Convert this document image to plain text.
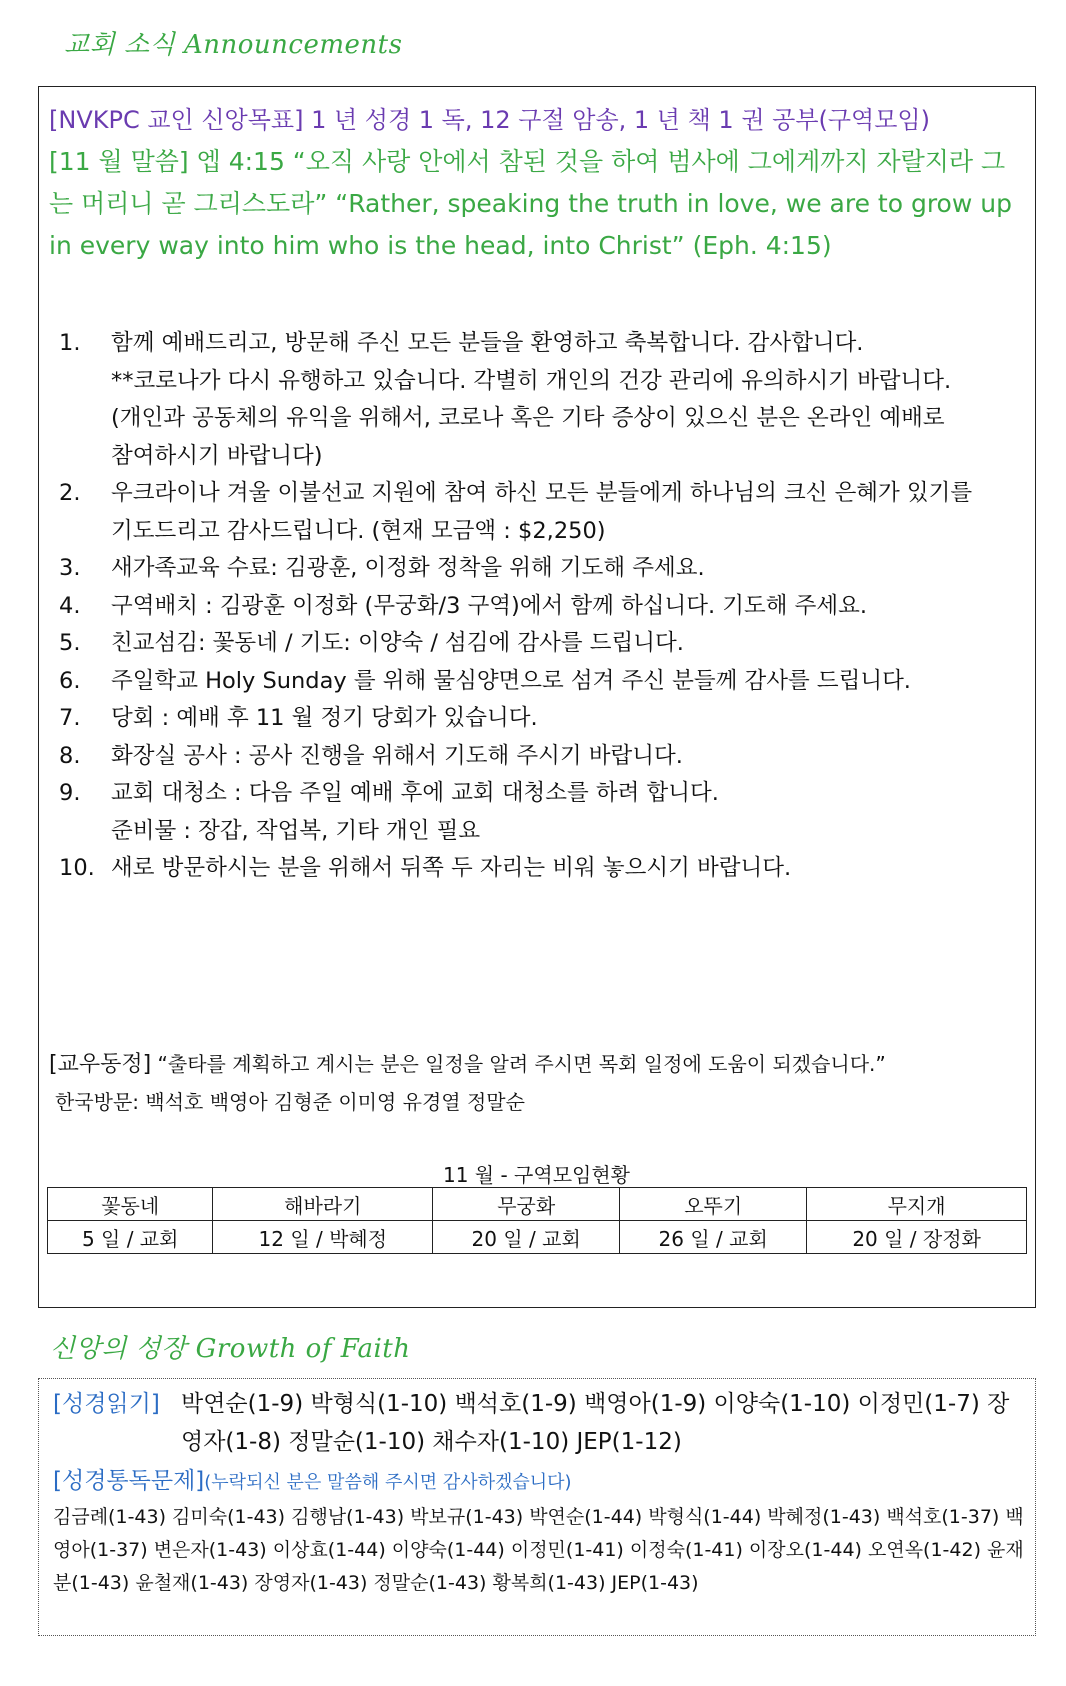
교회 소식 Announcements
[NVKPC 교인 신앙목표] 1 년 성경 1 독, 12 구절 암송, 1 년 책 1 권 공부(구역모임)
[11 월 말씀] 엡 4:15 “오직 사랑 안에서 참된 것을 하여 범사에 그에게까지 자랄지라 그는 머리니 곧 그리스도라” “Rather, speaking the truth in love, we are to grow up in every way into him who is the head, into Christ” (Eph. 4:15)
1.	함께 예배드리고, 방문해 주신 모든 분들을 환영하고 축복합니다. 감사합니다.
**코로나가 다시 유행하고 있습니다. 각별히 개인의 건강 관리에 유의하시기 바랍니다.
(개인과 공동체의 유익을 위해서, 코로나 혹은 기타 증상이 있으신 분은 온라인 예배로
참여하시기 바랍니다)
2.	우크라이나 겨울 이불선교 지원에 참여 하신 모든 분들에게 하나님의 크신 은혜가 있기를
기도드리고 감사드립니다. (현재 모금액 : $2,250)
3.	새가족교육 수료: 김광훈, 이정화 정착을 위해 기도해 주세요.
4.	구역배치 : 김광훈 이정화 (무궁화/3 구역)에서 함께 하십니다. 기도해 주세요.
5.	친교섬김: 꽃동네 / 기도: 이양숙 / 섬김에 감사를 드립니다.
6.	주일학교 Holy Sunday 를 위해 물심양면으로 섬겨 주신 분들께 감사를 드립니다.
7.	당회 : 예배 후 11 월 정기 당회가 있습니다.
8.	화장실 공사 : 공사 진행을 위해서 기도해 주시기 바랍니다.
9.	교회 대청소 : 다음 주일 예배 후에 교회 대청소를 하려 합니다.
준비물 : 장갑, 작업복, 기타 개인 필요
10. 새로 방문하시는 분을 위해서 뒤쪽 두 자리는 비워 놓으시기 바랍니다.
[교우동정] “출타를 계획하고 계시는 분은 일정을 알려 주시면 목회 일정에 도움이 되겠습니다.”
한국방문: 백석호 백영아 김형준 이미영 유경열 정말순
11 월 - 구역모임현황
꽃동네	해바라기	무궁화	오뚜기	무지개
5 일 / 교회	12 일 / 박혜정	20 일 / 교회	26 일 / 교회	20 일 / 장정화
신앙의 성장 Growth of Faith
[성경읽기] 박연순(1-9) 박형식(1-10) 백석호(1-9) 백영아(1-9) 이양숙(1-10) 이정민(1-7) 장영자(1-8) 정말순(1-10) 채수자(1-10) JEP(1-12)
[성경통독문제](누락되신 분은 말씀해 주시면 감사하겠습니다)
김금례(1-43) 김미숙(1-43) 김행남(1-43) 박보규(1-43) 박연순(1-44) 박형식(1-44) 박혜정(1-43) 백석호(1-37) 백영아(1-37) 변은자(1-43) 이상효(1-44) 이양숙(1-44) 이정민(1-41) 이정숙(1-41) 이장오(1-44) 오연옥(1-42) 윤재분(1-43) 윤철재(1-43) 장영자(1-43) 정말순(1-43) 황복희(1-43) JEP(1-43)
